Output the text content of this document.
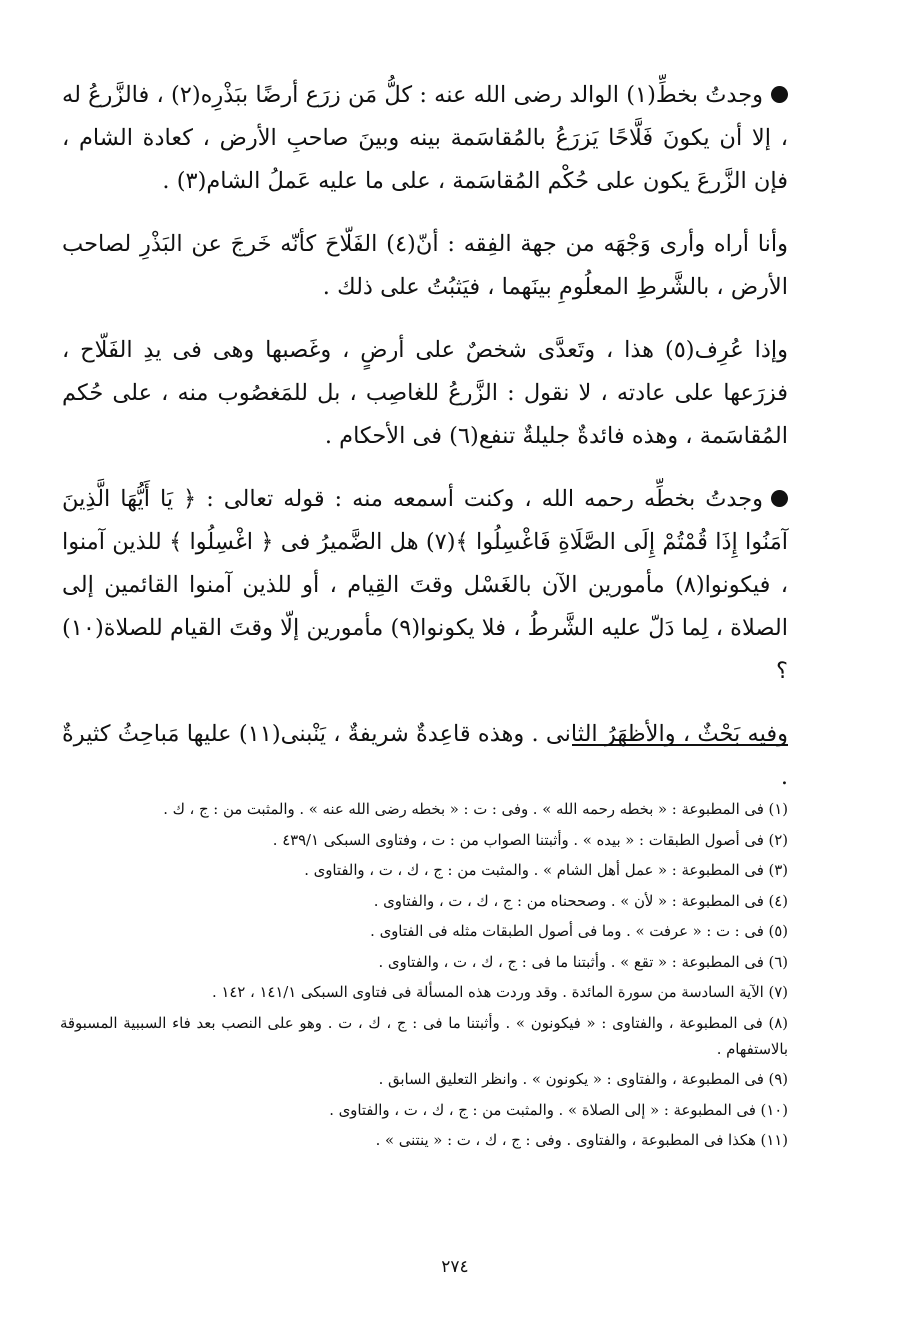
وجدتُ بخطِّ(١) الوالد رضى الله عنه : كلُّ مَن زرَع أرضًا ببَذْرِه(٢) ، فالزَّرعُ له ، إلا أن يكونَ فَلَّاحًا يَزرَعُ بالمُقاسَمة بينه وبينَ صاحبِ الأرض ، كعادة الشام ، فإن الزَّرعَ يكون على حُكْم المُقاسَمة ، على ما عليه عَملُ الشام(٣) .

وأنا أراه وأرى وَجْهَه من جهة الفِقه : أنّ(٤) الفَلّاحَ كأنّه خَرجَ عن البَذْرِ لصاحب الأرض ، بالشَّرطِ المعلُومِ بينَهما ، فيَثبُتُ على ذلك .

وإذا عُرِف(٥) هذا ، وتَعدَّى شخصٌ على أرضٍ ، وغَصبها وهى فى يدِ الفَلّاح ، فزرَعها على عادته ، لا نقول : الزَّرعُ للغاصِب ، بل للمَغصُوب منه ، على حُكم المُقاسَمة ، وهذه فائدةٌ جليلةٌ تنفع(٦) فى الأحكام .

وجدتُ بخطِّه رحمه الله ، وكنت أسمعه منه : قوله تعالى : ﴿ يَا أَيُّهَا الَّذِينَ آمَنُوا إِذَا قُمْتُمْ إِلَى الصَّلَاةِ فَاغْسِلُوا ﴾(٧) هل الضَّميرُ فى ﴿ اغْسِلُوا ﴾ للذين آمنوا ، فيكونوا(٨) مأمورين الآن بالغَسْل وقتَ القِيام ، أو للذين آمنوا القائمين إلى الصلاة ، لِما دَلّ عليه الشَّرطُ ، فلا يكونوا(٩) مأمورين إلّا وقتَ القيام للصلاة(١٠) ؟

وفيه بَحْثٌ ، والأظهَرُ الثانى . وهذه قاعِدةٌ شريفةٌ ، يَنْبنى(١١) عليها مَباحِثُ كثيرةٌ .

(١) فى المطبوعة : « بخطه رحمه الله » . وفى : ت : « بخطه رضى الله عنه » . والمثبت من : ج ، ك .

(٢) فى أصول الطبقات : « بيده » . وأثبتنا الصواب من : ت ، وفتاوى السبكى ٤٣٩/١ .

(٣) فى المطبوعة : « عمل أهل الشام » . والمثبت من : ج ، ك ، ت ، والفتاوى .

(٤) فى المطبوعة : « لأن » . وصححناه من : ج ، ك ، ت ، والفتاوى .

(٥) فى : ت : « عرفت » . وما فى أصول الطبقات مثله فى الفتاوى .

(٦) فى المطبوعة : « تقع » . وأثبتنا ما فى : ج ، ك ، ت ، والفتاوى .

(٧) الآية السادسة من سورة المائدة . وقد وردت هذه المسألة فى فتاوى السبكى ١٤١/١ ، ١٤٢ .

(٨) فى المطبوعة ، والفتاوى : « فيكونون » . وأثبتنا ما فى : ج ، ك ، ت . وهو على النصب بعد فاء السببية المسبوقة بالاستفهام .

(٩) فى المطبوعة ، والفتاوى : « يكونون » . وانظر التعليق السابق .

(١٠) فى المطبوعة : « إلى الصلاة » . والمثبت من : ج ، ك ، ت ، والفتاوى .

(١١) هكذا فى المطبوعة ، والفتاوى . وفى : ج ، ك ، ت : « ينتنى » .

٢٧٤
